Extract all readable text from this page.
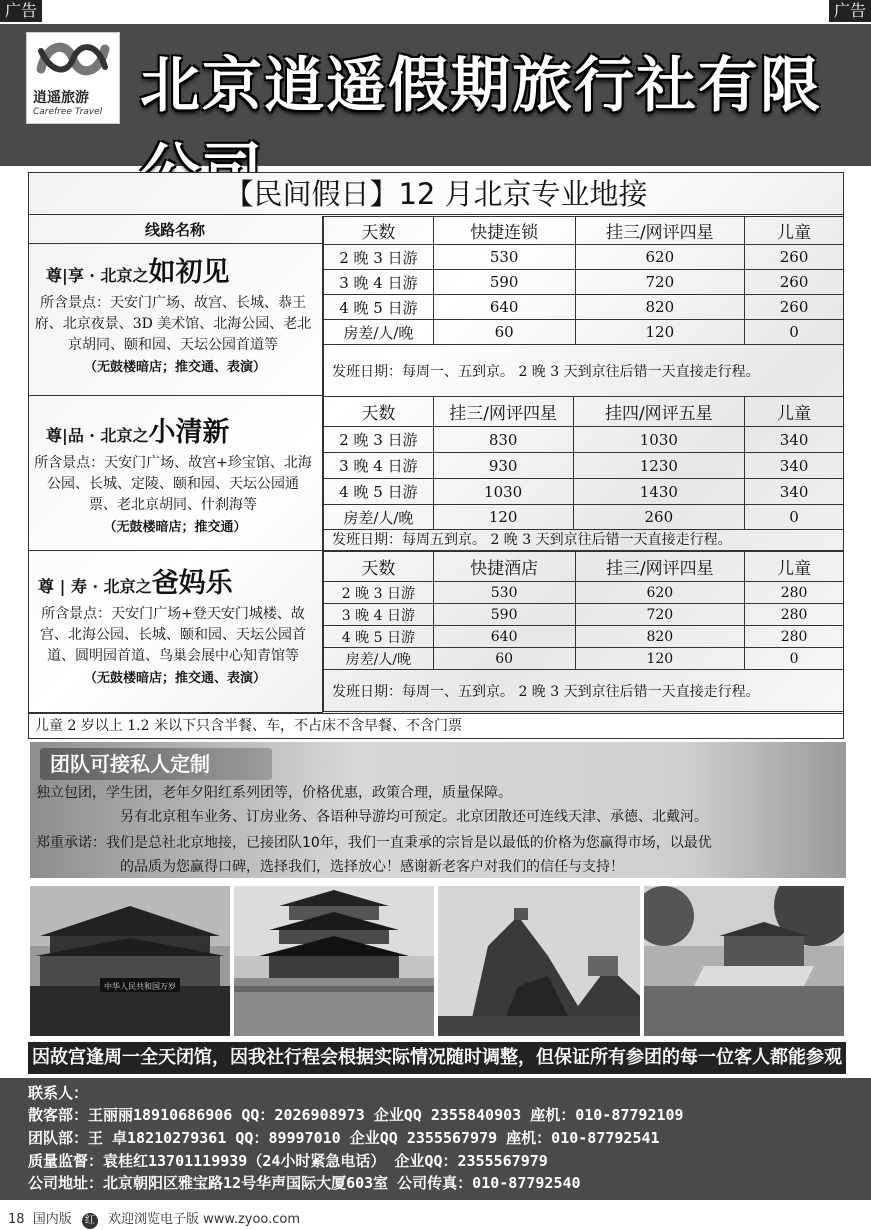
广告	广告
逍遥旅游
Carefree Travel 北京逍遥假期旅行社有限
【民间假日】12 月北京专业地接
线路名称
尊|享 · 北京之如初见
所含景点：天安门广场、故宫、长城、恭王府、北京夜景、3D 美术馆、北海公园、老北京胡同、颐和园、天坛公园首道等
（无鼓楼暗店；推交通、表演）
天数	快捷连锁	挂三/网评四星	儿童
2 晚 3 日游	530	620	260
3 晚 4 日游	590	720	260
4 晚 5 日游	640	820	260
房差/人/晚	60	120	0
发班日期：每周一、五到京。 2 晚 3 天到京往后错一天直接走行程。			
尊|品 · 北京之小清新
所含景点：天安门广场、故宫+珍宝馆、北海公园、长城、定陵、颐和园、天坛公园通票、老北京胡同、什刹海等
（无鼓楼暗店；推交通）
天数	挂三/网评四星	挂四/网评五星	儿童
2 晚 3 日游	830	1030	340
3 晚 4 日游	930	1230	340
4 晚 5 日游	1030	1430	340
房差/人/晚	120	260	0
发班日期：每周五到京。 2 晚 3 天到京往后错一天直接走行程。
尊 | 寿 · 北京之爸妈乐
所含景点：天安门广场+登天安门城楼、故宫、北海公园、长城、颐和园、天坛公园首道、圆明园首道、鸟巢会展中心知青馆等
（无鼓楼暗店；推交通、表演）
天数	快捷酒店	挂三/网评四星	儿童
2 晚 3 日游	530	620	280
3 晚 4 日游	590	720	280
4 晚 5 日游	640	820	280
房差/人/晚	60	120	0
发班日期：每周一、五到京。 2 晚 3 天到京往后错一天直接走行程。			
儿童 2 岁以上 1.2 米以下只含半餐、车，不占床不含早餐、不含门票
团队可接私人定制
独立包团，学生团，老年夕阳红系列团等，价格优惠，政策合理，质量保障。
另有北京租车业务、订房业务、各语种导游均可预定。北京团散还可连线天津、承德、北戴河。
郑重承诺：我们是总社北京地接，已接团队10年，我们一直秉承的宗旨是以最低的价格为您赢得市场，以最优
的品质为您赢得口碑，选择我们，选择放心！感谢新老客户对我们的信任与支持！
中华人民共和国万岁
因故宫逢周一全天闭馆，因我社行程会根据实际情况随时调整，但保证所有参团的每一位客人都能参观
联系人：
散客部：王丽丽18910686906 QQ：2026908973 企业QQ 2355840903 座机：010-87792109
团队部：王 卓18210279361 QQ：89997010 企业QQ 2355567979 座机：010-87792541
质量监督：袁桂红13701119939（24小时紧急电话） 企业QQ：2355567979
公司地址：北京朝阳区雅宝路12号华声国际大厦603室 公司传真：010-87792540
18 国内版 红 欢迎浏览电子版 www.zyoo.com
